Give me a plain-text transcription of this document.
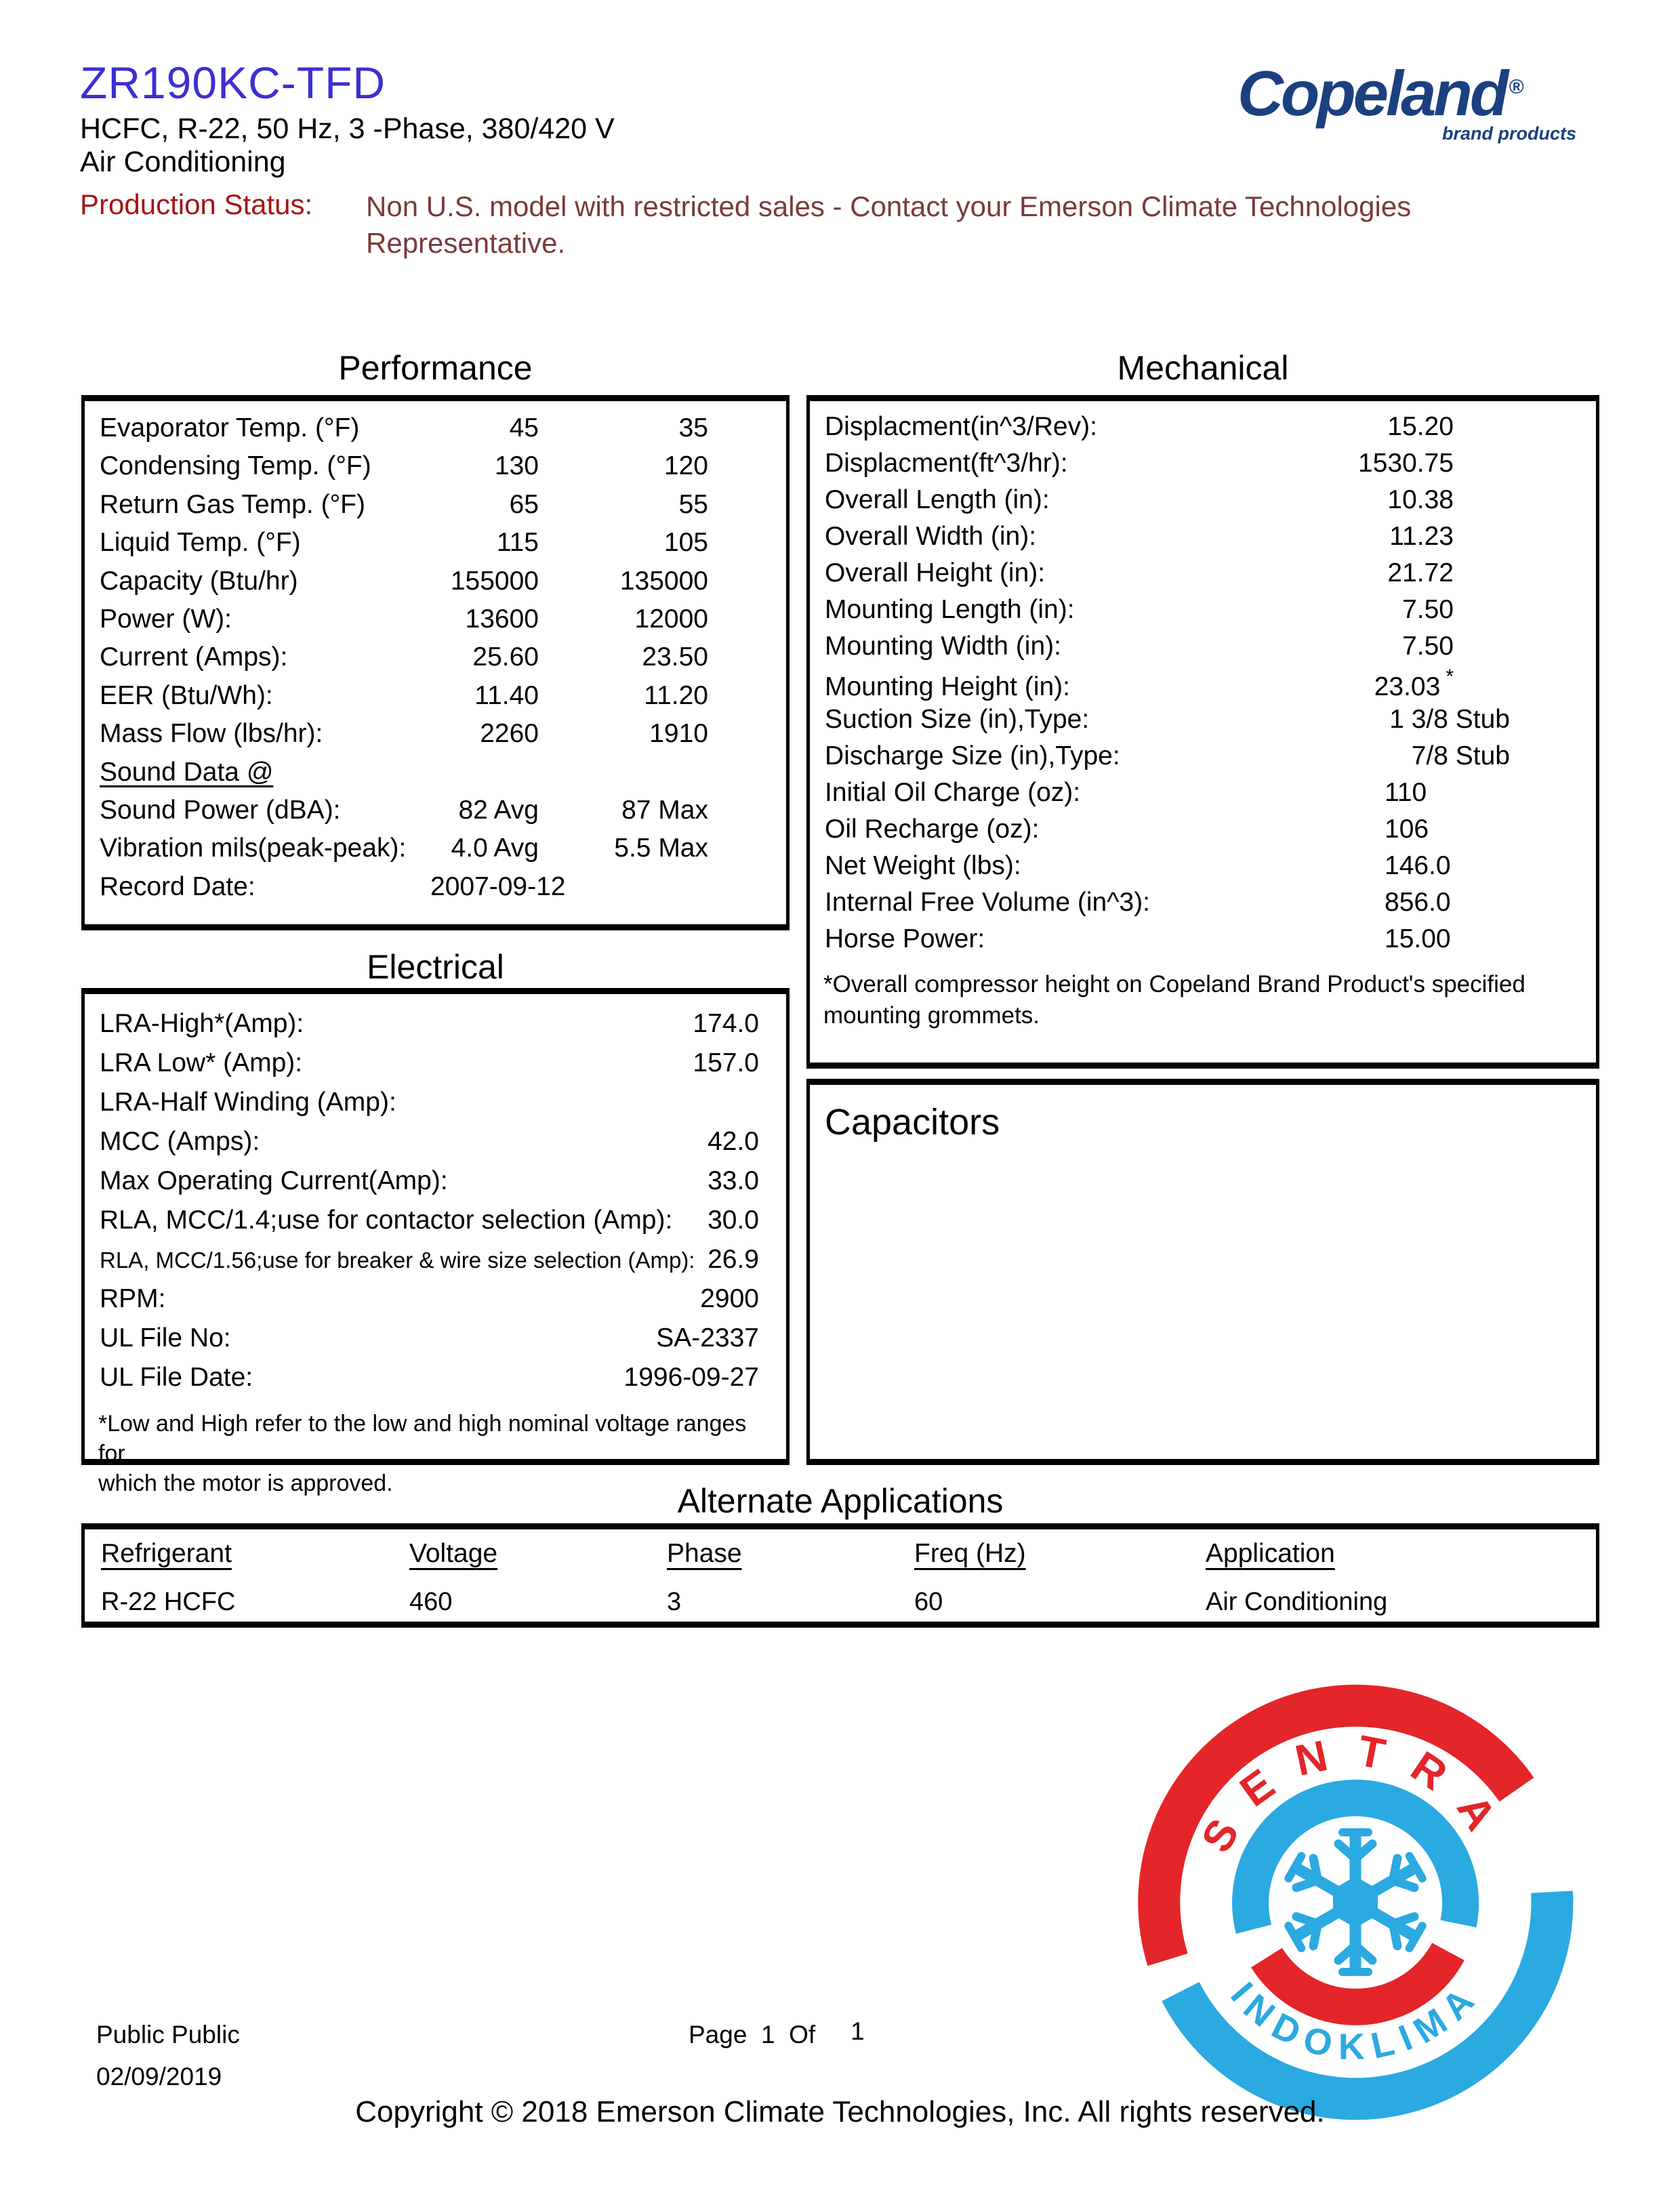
ZR190KC-TFD
HCFC, R-22, 50 Hz, 3 -Phase, 380/420 V
Air Conditioning
Production Status:	Non U.S. model with restricted sales - Contact your Emerson Climate Technologies Representative.
Copeland ®
brand products
Performance	Mechanical
Electrical
Alternate Applications
Evaporator Temp. (°F)	45	35
Condensing Temp. (°F)	130	120
Return Gas Temp. (°F)	65	55
Liquid Temp. (°F)	115	105
Capacity (Btu/hr)	155000	135000
Power (W):	13600	12000
Current (Amps):	25.60	23.50
EER (Btu/Wh):	11.40	11.20
Mass Flow (lbs/hr):	2260	1910
Sound Data @
Sound Power (dBA):	82 Avg	87 Max
Vibration mils(peak-peak):	4.0 Avg	5.5 Max
Record Date:	2007-09-12
Displacment(in^3/Rev):	15.20
Displacment(ft^3/hr):	1530.75
Overall Length (in):	10.38
Overall Width (in):	11.23
Overall Height (in):	21.72
Mounting Length (in):	7.50
Mounting Width (in):	7.50
Mounting Height (in):	23.03 *
Suction Size (in),Type:	1 3/8 Stub
Discharge Size (in),Type:	7/8 Stub
Initial Oil Charge (oz):	110
Oil Recharge (oz):	106
Net Weight (lbs):	146.0
Internal Free Volume (in^3):	856.0
Horse Power:	15.00
*Overall compressor height on Copeland Brand Product's specified
mounting grommets.
LRA-High*(Amp):	174.0
LRA Low* (Amp):	157.0
LRA-Half Winding (Amp):
MCC (Amps):	42.0
Max Operating Current(Amp):	33.0
RLA, MCC/1.4;use for contactor selection (Amp): 30.0
RLA, MCC/1.56;use for breaker & wire size selection (Amp): 26.9
RPM:	2900
UL File No:	SA-2337
UL File Date:	1996-09-27
*Low and High refer to the low and high nominal voltage ranges for
which the motor is approved.
Capacitors
Refrigerant	Voltage	Phase	Freq (Hz)	Application
R-22 HCFC	460	3	60	Air Conditioning
SENTRA
INDOKLIMA
Public Public
02/09/2019
Page  1  Of 1
Copyright © 2018 Emerson Climate Technologies, Inc. All rights reserved.
